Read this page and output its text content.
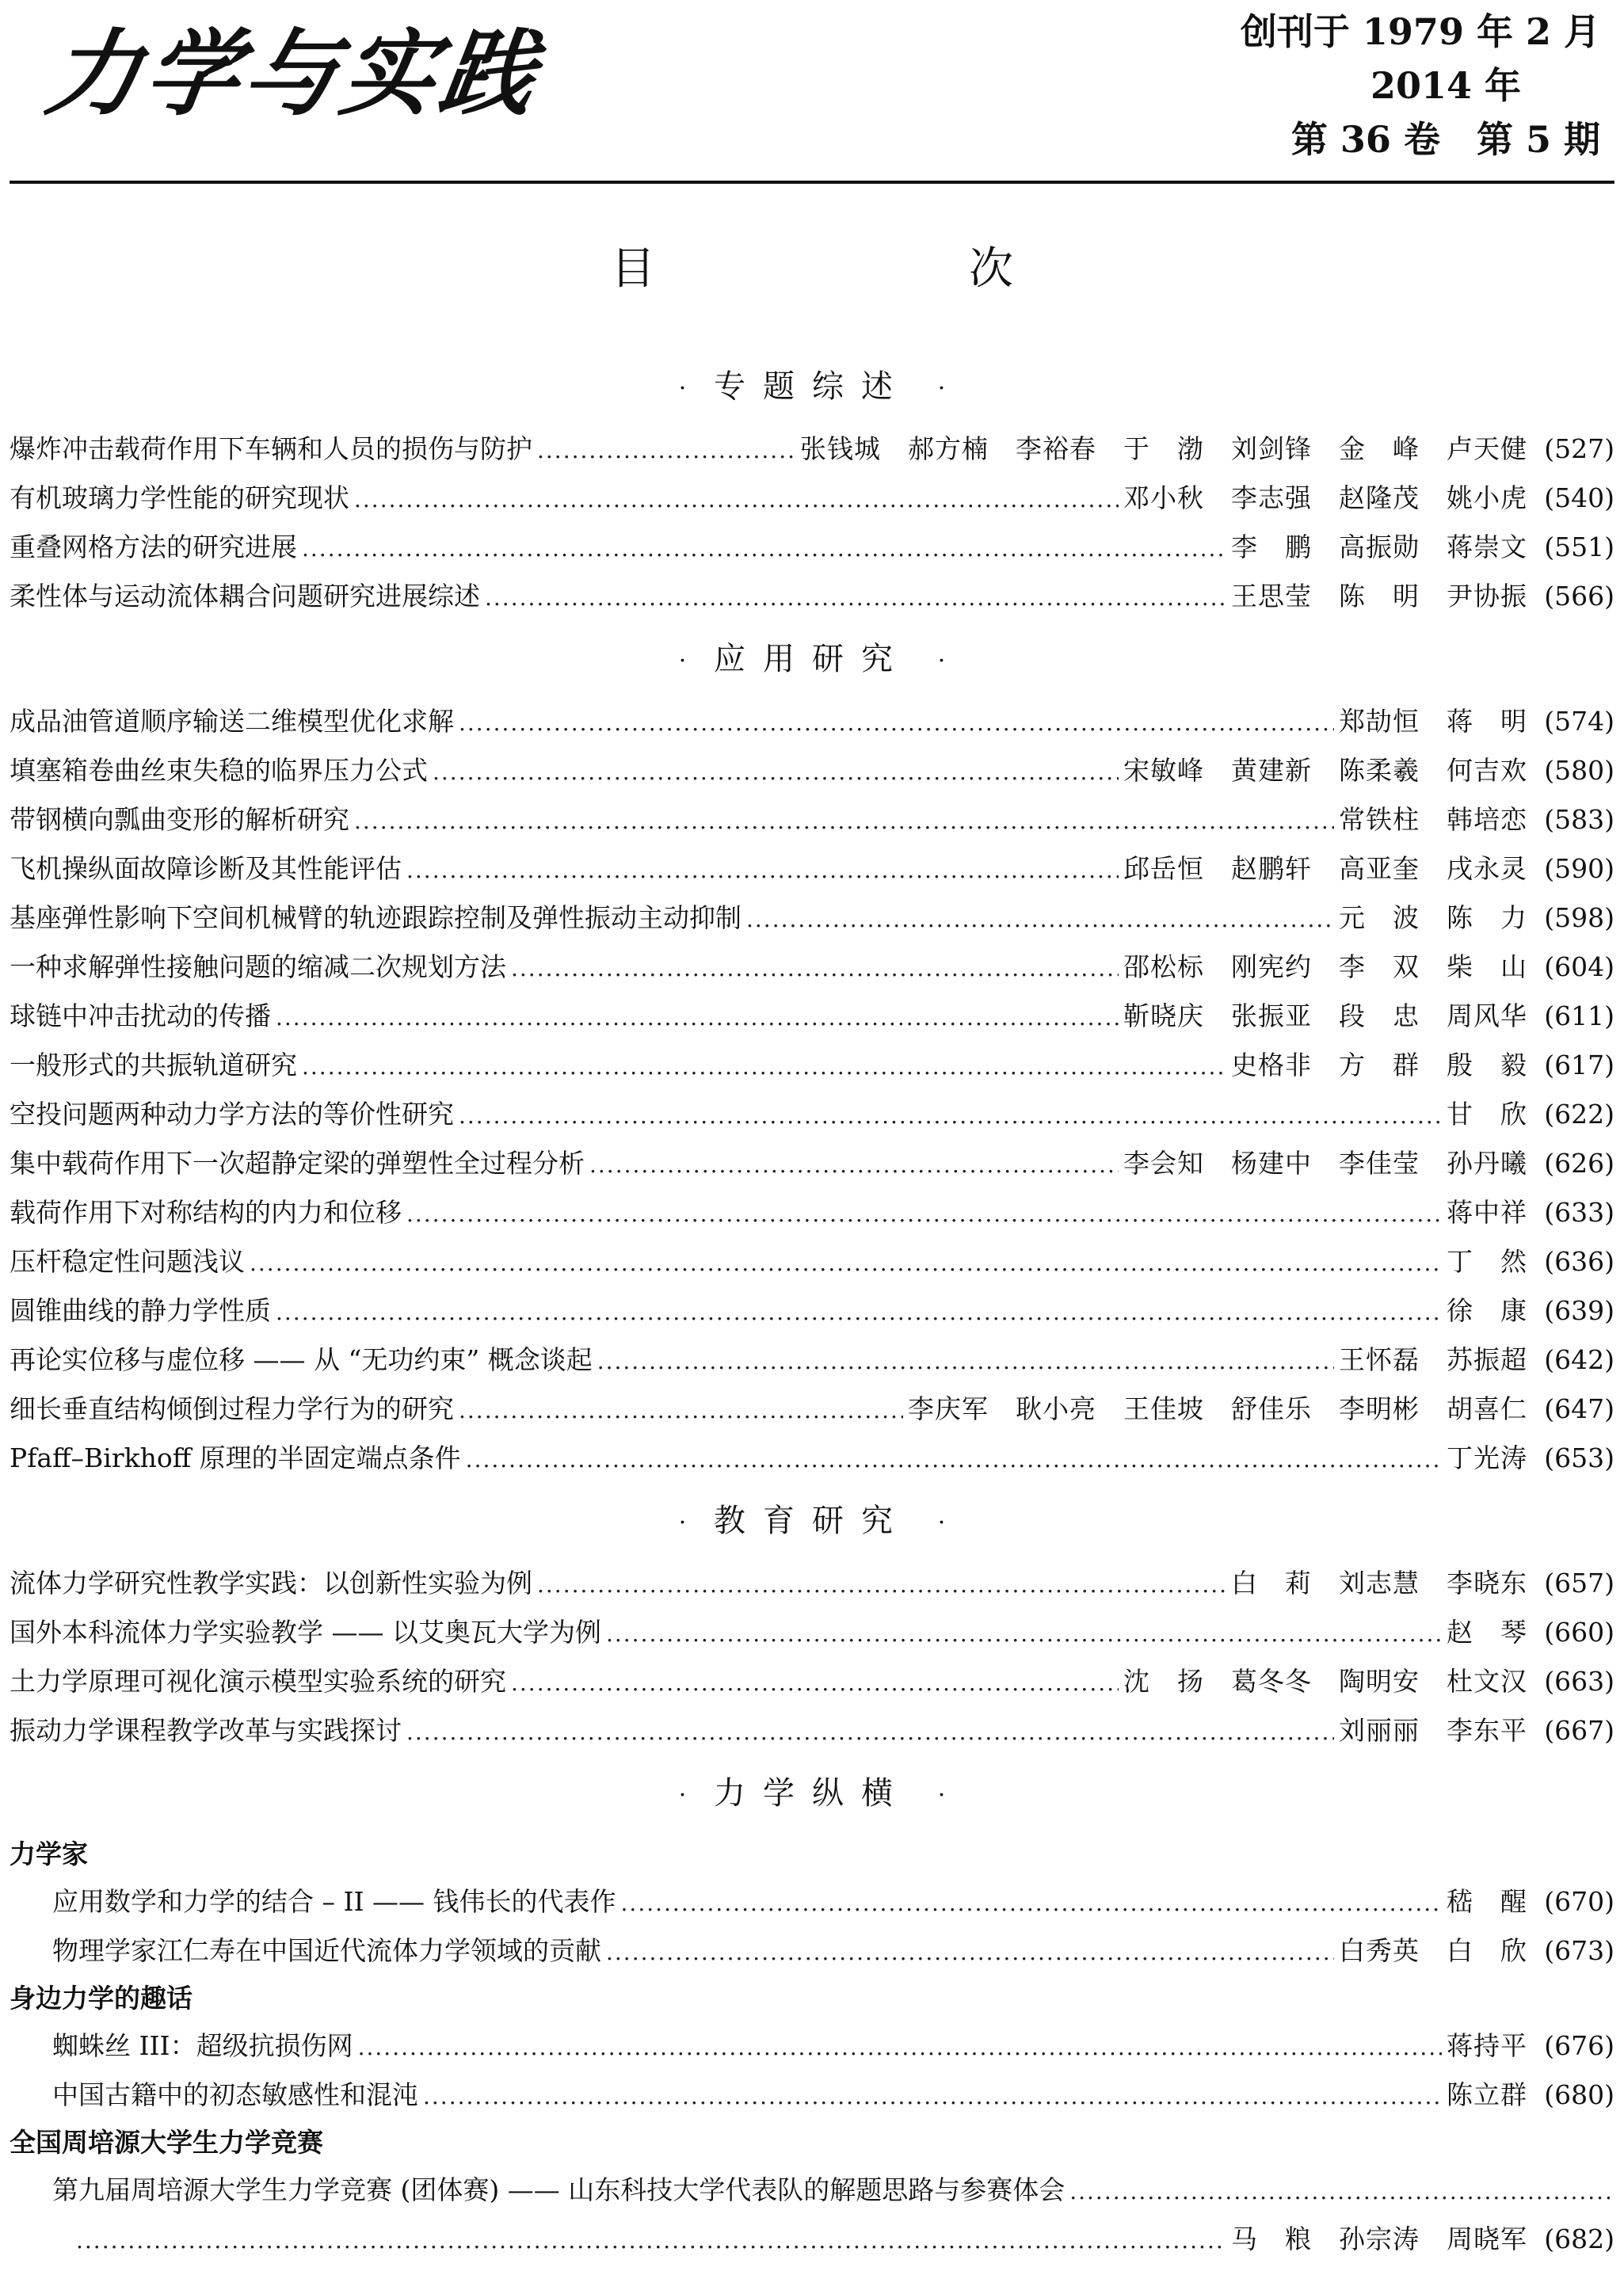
力学与实践	创刊于 1979 年 2 月
2014 年
第 36 卷　第 5 期
目　次
· 专题综述 ·
爆炸冲击载荷作用下车辆和人员的损伤与防护 .....	张钱城　郝方楠　李裕春　于　渤　刘剑锋　金　峰　卢天健 (527)
有机玻璃力学性能的研究现状 .....	邓小秋　李志强　赵隆茂　姚小虎 (540)
重叠网格方法的研究进展 .....	李　鹏　高振勋　蒋崇文 (551)
柔性体与运动流体耦合问题研究进展综述 .....	王思莹　陈　明　尹协振 (566)
· 应用研究 ·
成品油管道顺序输送二维模型优化求解 .....	郑劼恒　蒋　明 (574)
填塞箱卷曲丝束失稳的临界压力公式 .....	宋敏峰　黄建新　陈柔羲　何吉欢 (580)
带钢横向瓢曲变形的解析研究 .....	常铁柱　韩培恋 (583)
飞机操纵面故障诊断及其性能评估 .....	邱岳恒　赵鹏轩　高亚奎　戌永灵 (590)
基座弹性影响下空间机械臂的轨迹跟踪控制及弹性振动主动抑制 .....	元　波　陈　力 (598)
一种求解弹性接触问题的缩减二次规划方法 .....	邵松标　刚宪约　李　双　柴　山 (604)
球链中冲击扰动的传播 .....	靳晓庆　张振亚　段　忠　周风华 (611)
一般形式的共振轨道研究 .....	史格非　方　群　殷　毅 (617)
空投问题两种动力学方法的等价性研究 .....	甘　欣 (622)
集中载荷作用下一次超静定梁的弹塑性全过程分析 .....	李会知　杨建中　李佳莹　孙丹曦 (626)
载荷作用下对称结构的内力和位移 .....	蒋中祥 (633)
压杆稳定性问题浅议 .....	丁　然 (636)
圆锥曲线的静力学性质 .....	徐　康 (639)
再论实位移与虚位移 —— 从 “无功约束” 概念谈起 .....	王怀磊　苏振超 (642)
细长垂直结构倾倒过程力学行为的研究 .....	李庆军　耿小亮　王佳坡　舒佳乐　李明彬　胡喜仁 (647)
Pfaff–Birkhoff 原理的半固定端点条件 .....	丁光涛 (653)
· 教育研究 ·
流体力学研究性教学实践：以创新性实验为例 .....	白　莉　刘志慧　李晓东 (657)
国外本科流体力学实验教学 —— 以艾奥瓦大学为例 .....	赵　琴 (660)
土力学原理可视化演示模型实验系统的研究 .....	沈　扬　葛冬冬　陶明安　杜文汉 (663)
振动力学课程教学改革与实践探讨 .....	刘丽丽　李东平 (667)
· 力学纵横 ·
力学家
应用数学和力学的结合 – II —— 钱伟长的代表作 .....	嵇　醒 (670)
物理学家江仁寿在中国近代流体力学领域的贡献 .....	白秀英　白　欣 (673)
身边力学的趣话
蜘蛛丝 III：超级抗损伤网 .....	蒋持平 (676)
中国古籍中的初态敏感性和混沌 .....	陈立群 (680)
全国周培源大学生力学竞赛
第九届周培源大学生力学竞赛 (团体赛) —— 山东科技大学代表队的解题思路与参赛体会
.....
.....
马　粮　孙宗涛　周晓军 (682)
